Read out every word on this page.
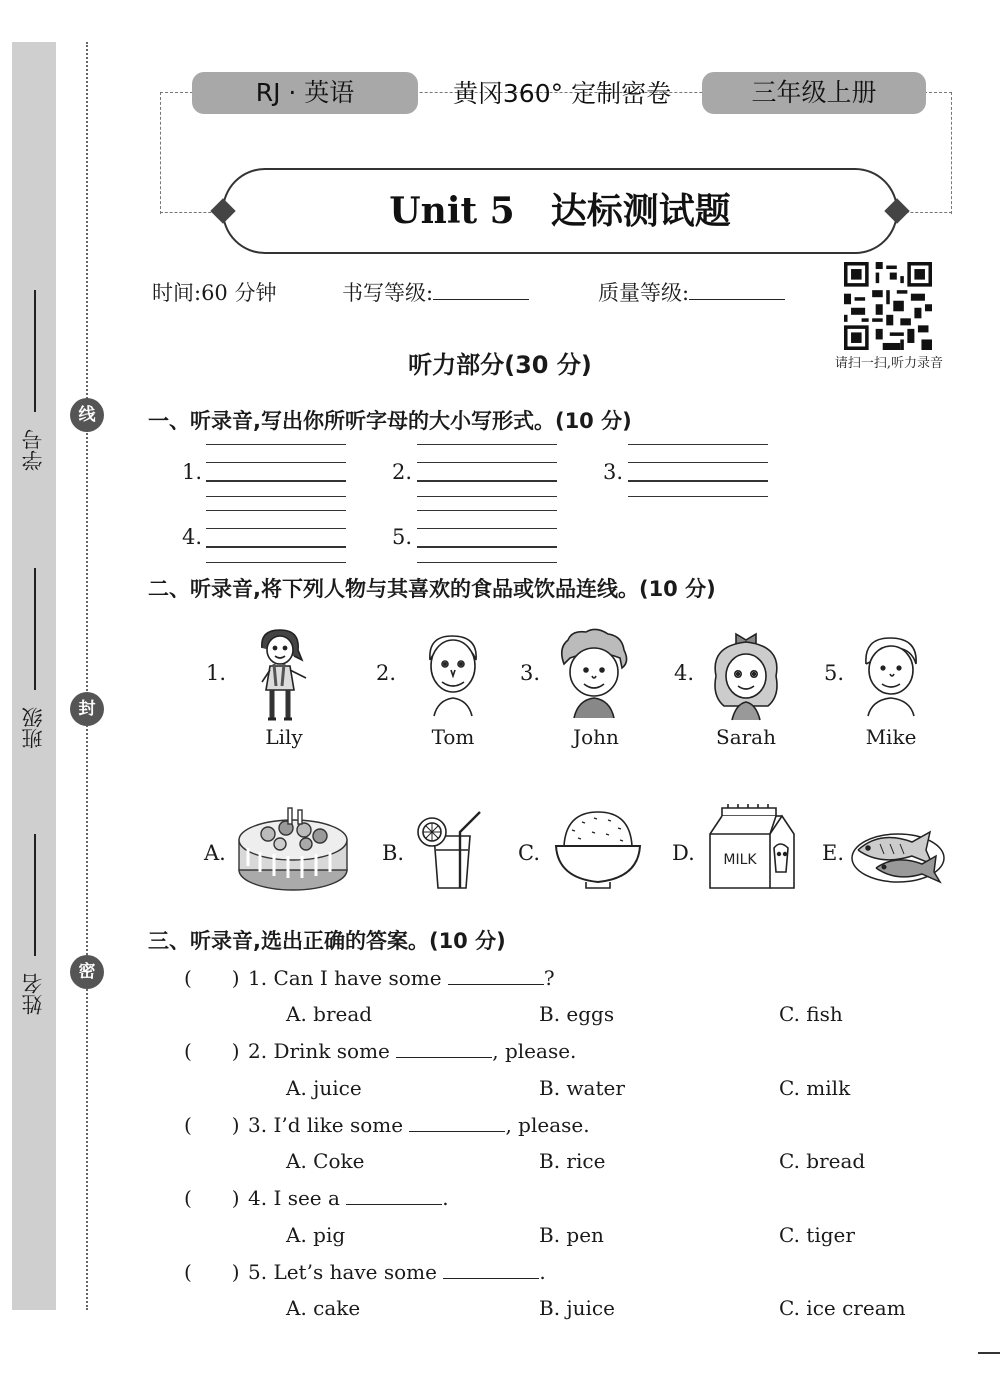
学号
班级
姓名
线
封
密
RJ · 英语	黄冈360° 定制密卷	三年级上册
Unit 5　达标测试题
时间:60 分钟	书写等级:	质量等级:
请扫一扫,听力录音
听力部分(30 分)
一、听录音,写出你所听字母的大小写形式。(10 分)
1.	2.	3.
4.	5.
二、听录音,将下列人物与其喜欢的食品或饮品连线。(10 分)
1.
Lily
2.
Tom
3.
John
4.
Sarah
5.
Mike
A.	B.	C.	D. MILK	E.
三、听录音,选出正确的答案。(10 分)
(　　) 1. Can I have some	?
A. bread	B. eggs	C. fish
(　　) 2. Drink some	, please.
A. juice	B. water	C. milk
(　　) 3. I’d like some	, please.
A. Coke	B. rice	C. bread
(　　) 4. I see a	.
A. pig	B. pen	C. tiger
(　　) 5. Let’s have some	.
A. cake	B. juice	C. ice cream
